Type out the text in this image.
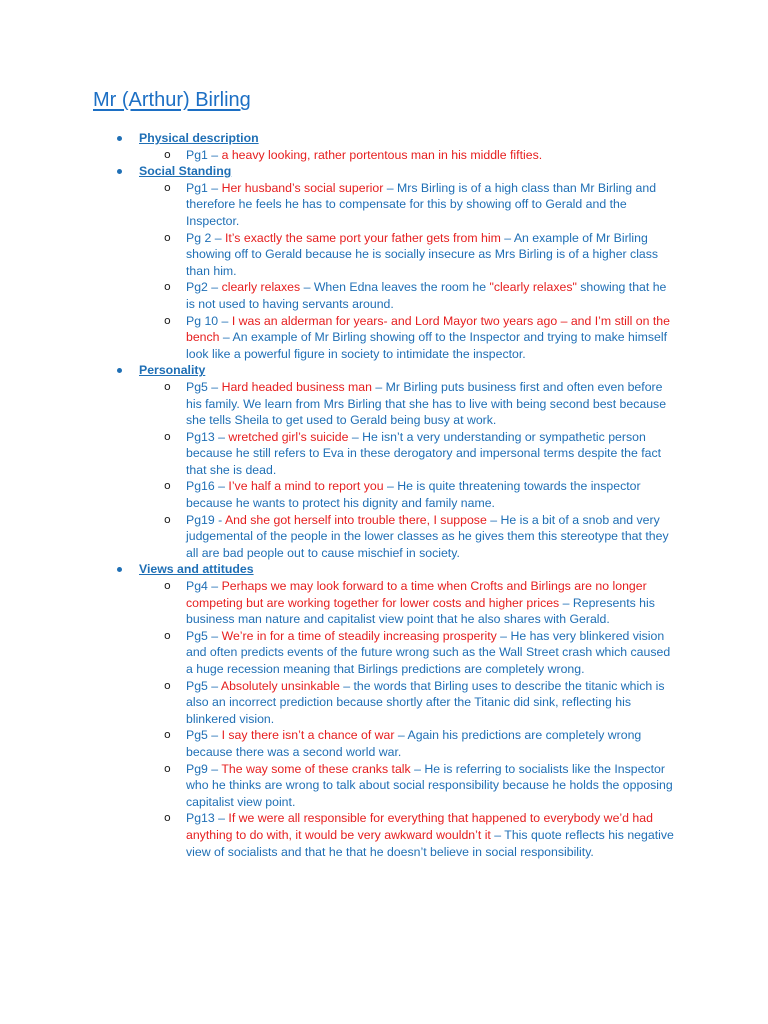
Mr (Arthur) Birling
Physical description
o Pg1 – a heavy looking, rather portentous man in his middle fifties.
Social Standing
o Pg1 – Her husband’s social superior – Mrs Birling is of a high class than Mr Birling and therefore he feels he has to compensate for this by showing off to Gerald and the Inspector.
o Pg 2 – It’s exactly the same port your father gets from him – An example of Mr Birling showing off to Gerald because he is socially insecure as Mrs Birling is of a higher class than him.
o Pg2 – clearly relaxes – When Edna leaves the room he "clearly relaxes" showing that he is not used to having servants around.
o Pg 10 – I was an alderman for years- and Lord Mayor two years ago – and I’m still on the bench – An example of Mr Birling showing off to the Inspector and trying to make himself look like a powerful figure in society to intimidate the inspector.
Personality
o Pg5 – Hard headed business man – Mr Birling puts business first and often even before his family. We learn from Mrs Birling that she has to live with being second best because she tells Sheila to get used to Gerald being busy at work.
o Pg13 – wretched girl’s suicide – He isn’t a very understanding or sympathetic person because he still refers to Eva in these derogatory and impersonal terms despite the fact that she is dead.
o Pg16 – I’ve half a mind to report you – He is quite threatening towards the inspector because he wants to protect his dignity and family name.
o Pg19 - And she got herself into trouble there, I suppose – He is a bit of a snob and very judgemental of the people in the lower classes as he gives them this stereotype that they all are bad people out to cause mischief in society.
Views and attitudes
o Pg4 – Perhaps we may look forward to a time when Crofts and Birlings are no longer competing but are working together for lower costs and higher prices – Represents his business man nature and capitalist view point that he also shares with Gerald.
o Pg5 – We’re in for a time of steadily increasing prosperity – He has very blinkered vision and often predicts events of the future wrong such as the Wall Street crash which caused a huge recession meaning that Birlings predictions are completely wrong.
o Pg5 – Absolutely unsinkable – the words that Birling uses to describe the titanic which is also an incorrect prediction because shortly after the Titanic did sink, reflecting his blinkered vision.
o Pg5 – I say there isn’t a chance of war – Again his predictions are completely wrong because there was a second world war.
o Pg9 – The way some of these cranks talk – He is referring to socialists like the Inspector who he thinks are wrong to talk about social responsibility because he holds the opposing capitalist view point.
o Pg13 – If we were all responsible for everything that happened to everybody we’d had anything to do with, it would be very awkward wouldn’t it – This quote reflects his negative view of socialists and that he that he doesn’t believe in social responsibility.
